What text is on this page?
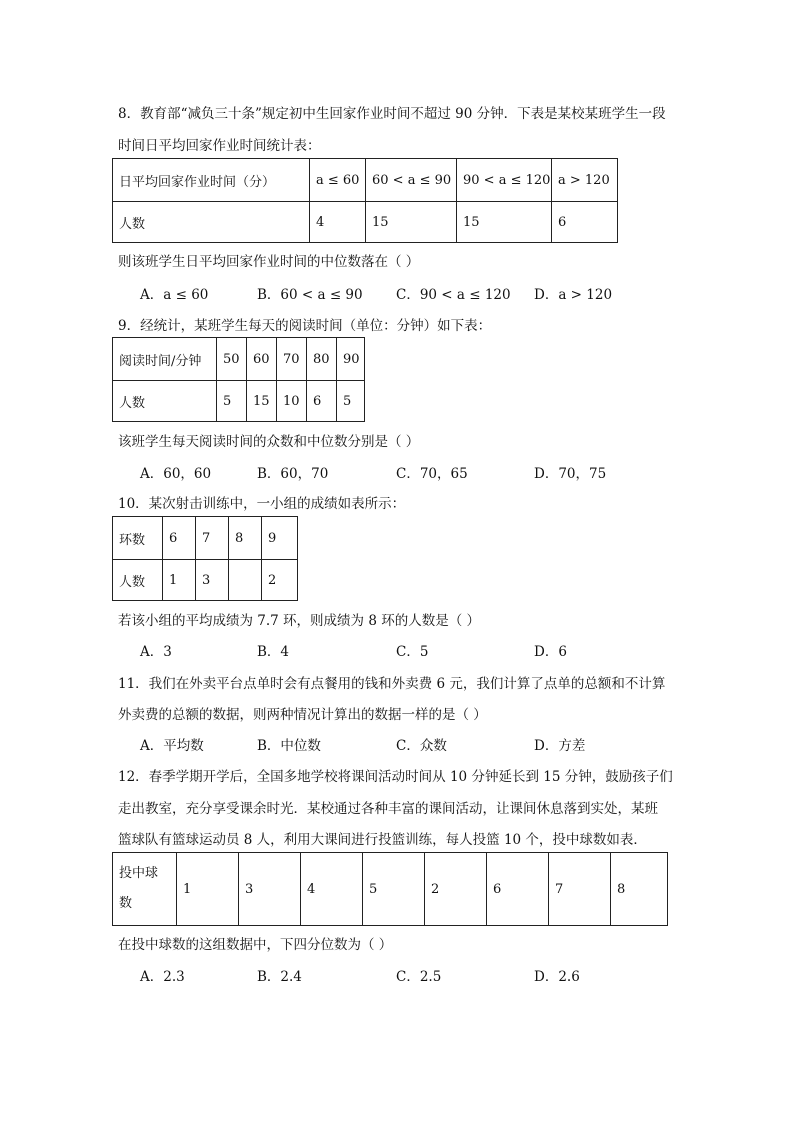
8．教育部“减负三十条”规定初中生回家作业时间不超过 90 分钟．下表是某校某班学生一段
时间日平均回家作业时间统计表：
日平均回家作业时间（分）	a ≤ 60	60 < a ≤ 90	90 < a ≤ 120	a > 120
人数	4	15	15	6
则该班学生日平均回家作业时间的中位数落在（ ）
A．a ≤ 60	B．60 < a ≤ 90 C．90 < a ≤ 120 D．a > 120
9．经统计，某班学生每天的阅读时间（单位：分钟）如下表：
阅读时间/分钟	50	60	70	80	90
人数	5	15	10	6	5
该班学生每天阅读时间的众数和中位数分别是（ ）
A．60，60	B．60，70	C．70，65	D．70，75
10．某次射击训练中，一小组的成绩如表所示：
环数	6	7	8	9
人数	1	3		2
若该小组的平均成绩为 7.7 环，则成绩为 8 环的人数是（ ）
A．3	B．4	C．5	D．6
11．我们在外卖平台点单时会有点餐用的钱和外卖费 6 元，我们计算了点单的总额和不计算
外卖费的总额的数据，则两种情况计算出的数据一样的是（ ）
A．平均数	B．中位数	C．众数	D．方差
12．春季学期开学后，全国多地学校将课间活动时间从 10 分钟延长到 15 分钟，鼓励孩子们
走出教室，充分享受课余时光．某校通过各种丰富的课间活动，让课间休息落到实处，某班
篮球队有篮球运动员 8 人，利用大课间进行投篮训练，每人投篮 10 个，投中球数如表．
投中球
数	1	3	4	5	2	6	7	8
在投中球数的这组数据中，下四分位数为（ ）
A．2.3	B．2.4	C．2.5	D．2.6
